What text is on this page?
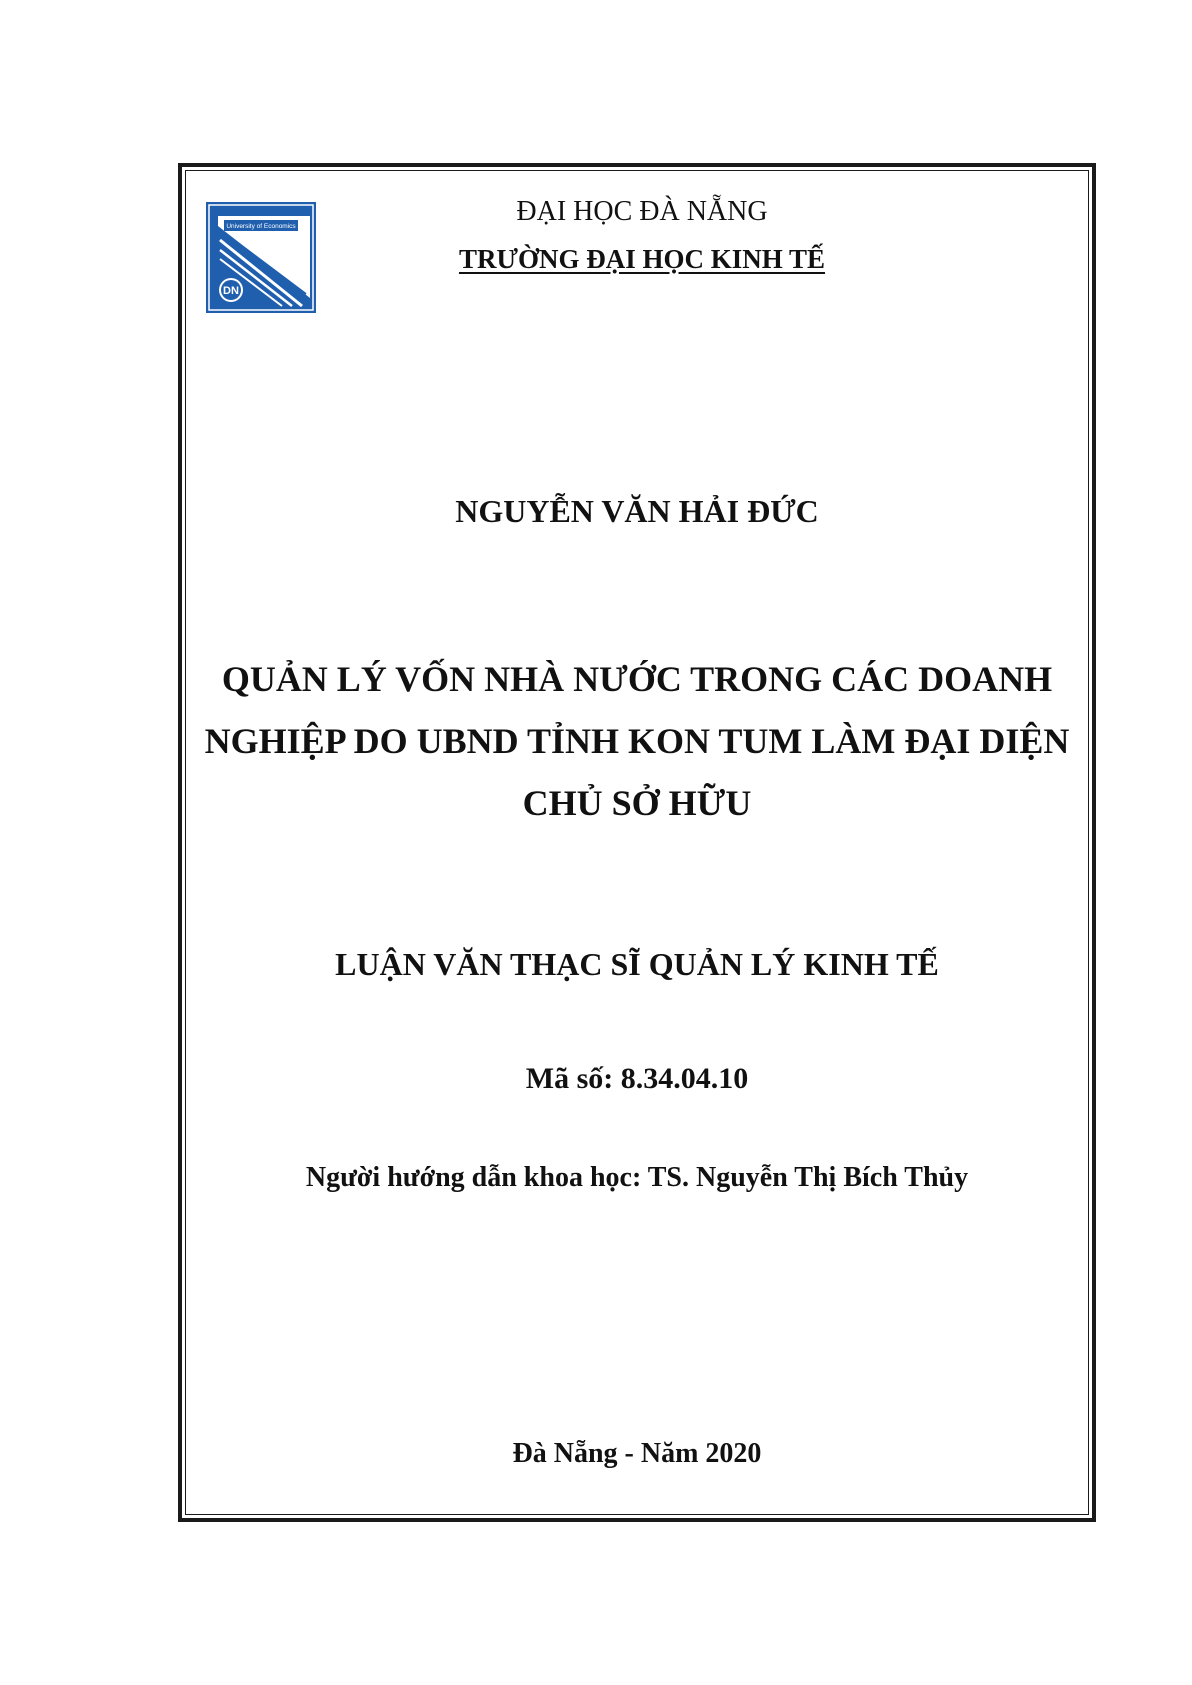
University of Economics
DN
ĐẠI HỌC ĐÀ NẴNG
TRƯỜNG ĐẠI HỌC KINH TẾ
NGUYỄN VĂN HẢI ĐỨC
QUẢN LÝ VỐN NHÀ NƯỚC TRONG CÁC DOANH
NGHIỆP DO UBND TỈNH KON TUM LÀM ĐẠI DIỆN
CHỦ SỞ HỮU
LUẬN VĂN THẠC SĨ QUẢN LÝ KINH TẾ
Mã số: 8.34.04.10
Người hướng dẫn khoa học: TS. Nguyễn Thị Bích Thủy
Đà Nẵng - Năm 2020
